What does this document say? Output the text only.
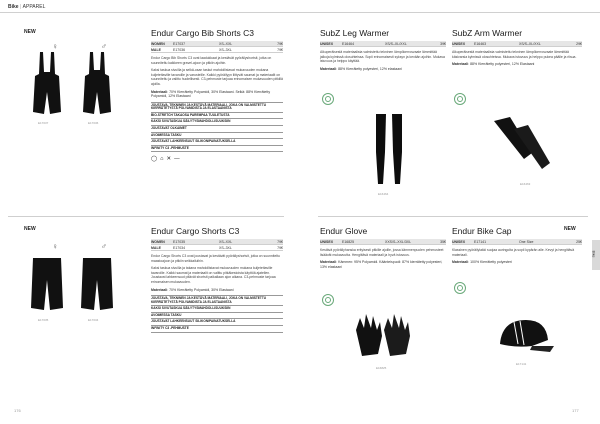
Bike | APPAREL
NEW
♀	♂
E17037	E17036
Endur Cargo Bib Shorts C3
WOMEN	E17037	XS–XXL	79€
MALE	E17036	XS–3XL	79€
Endur Cargo Bib Shorts C3 ovat laadukkaat ja kestävät pyöräilyshortsit, jotka on suunniteltu kaikkeen gravel-ajoon ja pitkiin ajoihin.
Kaksi taskua sivuilla ja selkä-osan taskut mahdollistavat mukavuuden mukana kuljetettaville tavaroille ja varusteille. Kaikki pyöräilyyn liittyvät saumat ja materiaalit on suunniteltu ja valittu huolellisesti. C3-pehmuste tarjoaa erinomaisen mukavuuden pitkillä ajoilla.
Materiaali: 70% Kierrätetty Polyamidi, 30% Elastaani. Selkä: 88% Kierrätetty Polyamidi, 12% Elastaani
JOUSTAVA, TEKNINEN JA KESTÄVÄ MATERIAALI, JOKA ON VALMISTETTU KIERRÄTETYSTÄ POLYAMIDISTA JA ELASTAANISTA
BIO-STRETCH TAKAOSA PAREMPAA TUULETUSTA
KAKSI SIVUTASKUA SÄILYTYSMAHDOLLISUUKSIIN
JOUSTAVAT OLKAIMET
AVOIMESSA TASKU
JOUSTAVAT LAHKEENSUUT SILIKONIPAINATUKSELLA
INFINITY C3 -PEHMUSTE
◯ ⌂ ✕ —
SubZ Leg Warmer
UNISEX	E16464	XS/S–XL/XXL	39€
Alkuperäisestä materiaalista valmistettu tekninen lämpökerrosvaate lämmittää jalkoja kylmissä olosuhteissa. Sopii erinomaisesti syksyn ja kevään ajoihin. Mukava istuvuus ja helppo käyttää.
Materiaali: 88% Kierrätetty polyesteri, 12% elastaani
E16464
SubZ Arm Warmer
UNISEX	E16463	XS/S–XL/XXL	29€
Alkuperäisestä materiaalista valmistettu tekninen lämpökerrosvaate lämmittää käsivarsia kylmissä olosuhteissa. Mukava istuvuus ja helppo pukea päälle ja riisua.
Materiaali: 88% Kierrätetty polyesteri, 12% Elastaani
E16463
NEW
♀	♂
E17035	E17034
Endur Cargo Shorts C3
WOMEN	E17035	XS–XXL	79€
MALE	E17034	XS–3XL	79€
Endur Cargo Shorts C3 ovat joustavat ja kestävät pyöräilyshortsit, jotka on suunniteltu maastoajoon ja pitkiin seikkailuihin.
Kaksi taskua sivuilla ja takana mahdollistavat mukavuuden mukana kuljetettaville tavaroille. Kaikki saumat ja materiaalit on valittu pitkäkestoista käyttöä ajatellen. Joustavat lahkeensuut pitävät shortsit paikallaan ajon aikana. C3-pehmuste tarjoaa erinomaisen mukavuuden.
Materiaali: 70% Kierrätetty Polyamidi, 30% Elastaani
JOUSTAVA, TEKNINEN JA KESTÄVÄ MATERIAALI, JOKA ON VALMISTETTU KIERRÄTETYSTÄ POLYAMIDISTA JA ELASTAANISTA
KAKSI SIVUTASKUA SÄILYTYSMAHDOLLISUUKSIIN
AVOIMESSA TASKU
JOUSTAVAT LAHKEENSUUT SILIKONIPAINATUKSELLA
INFINITY C3 -PEHMUSTE
Endur Glove
UNISEX	E16825	XXS/S–XXL/3XL	35€
Kestävä pyöräilyhanska erityisesti pitkille ajoille, jossa kämmenpuolen pehmusteet lisäävät mukavuutta. Hengittävä materiaali ja hyvä istuvuus.
Materiaali: Kämmen: 95% Polyamidi. Käänteispuoli: 87% kierrätetty polyesteri, 13% elastaani
E16825
NEW
Endur Bike Cap
UNISEX	E17141	One Size	25€
Klassinen pyöräilylakki suojaa auringolta ja sopii kypärän alle. Kevyt ja hengittävä materiaali.
Materiaali: 100% Kierrätetty polyesteri
E17141
Bike
176	177
